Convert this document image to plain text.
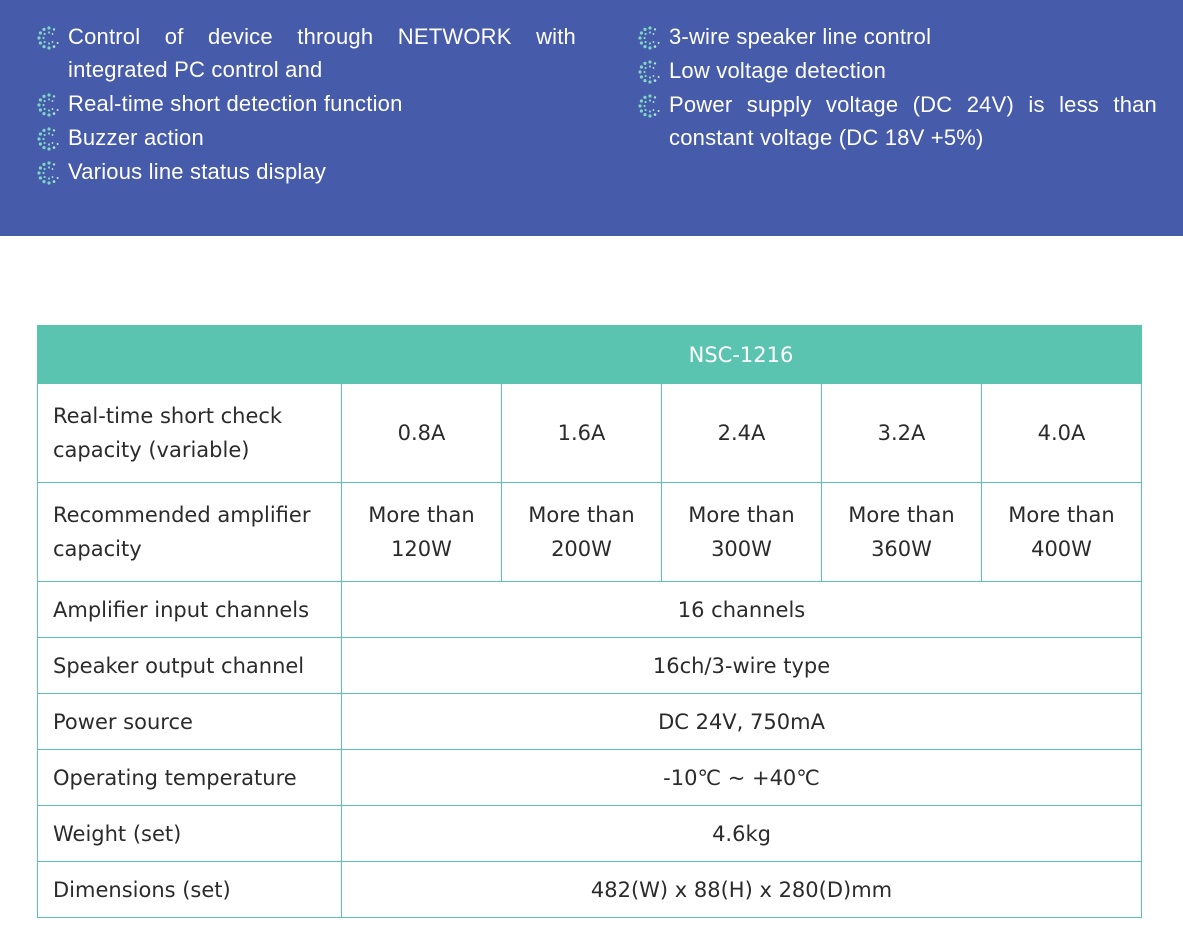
Control of device through NETWORK with integrated PC control and
Real-time short detection function
Buzzer action
Various line status display
3-wire speaker line control
Low voltage detection
Power supply voltage (DC 24V) is less than constant voltage (DC 18V +5%)
NSC-1216					
Real-time short check capacity (variable)	0.8A	1.6A	2.4A	3.2A	4.0A
Recommended amplifier capacity	More than 120W	More than 200W	More than 300W	More than 360W	More than 400W
Amplifier input channels	16 channels				
Speaker output channel	16ch/3-wire type				
Power source	DC 24V, 750mA				
Operating temperature	-10℃ ~ +40℃				
Weight (set)	4.6kg				
Dimensions (set)	482(W) x 88(H) x 280(D)mm				
